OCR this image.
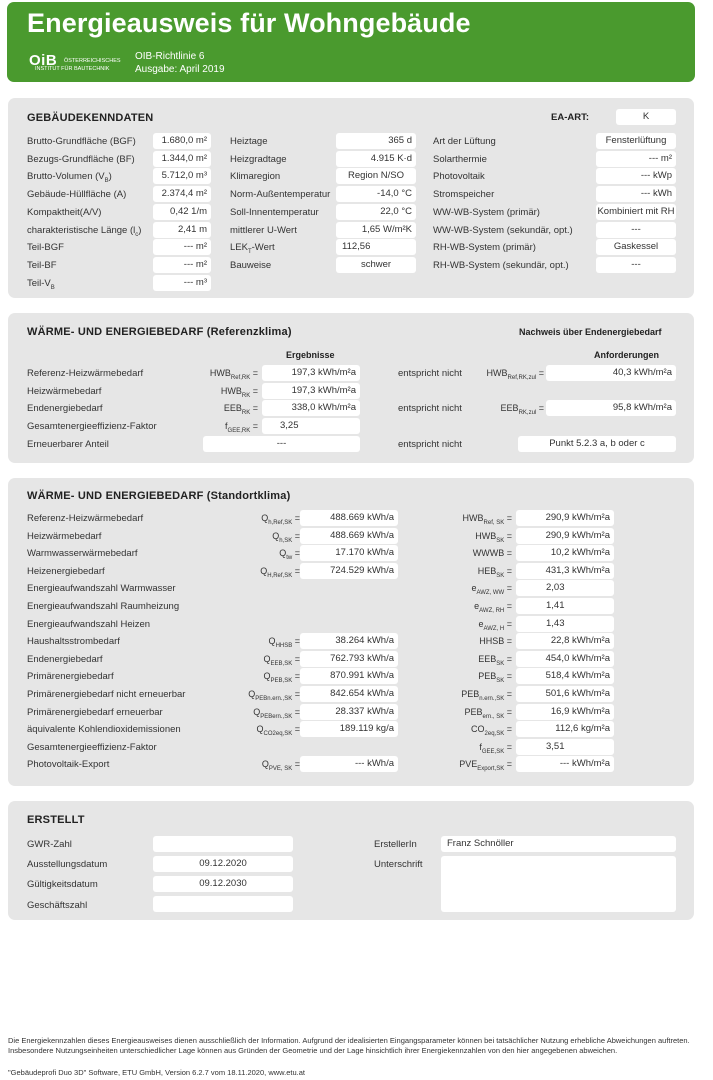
Energieausweis für Wohngebäude
OiB ÖSTERREICHISCHES
INSTITUT FÜR BAUTECHNIK
OIB-Richtlinie 6
Ausgabe: April 2019
GEBÄUDEKENNDATEN	EA-ART:	K
Brutto-Grundfläche (BGF)	1.680,0 m²
Bezugs-Grundfläche (BF)	1.344,0 m²
Brutto-Volumen $(V_B)$	5.712,0 m³
Gebäude-Hüllfläche (A)	2.374,4 m²
Kompaktheit(A/V)	0,42 1/m
charakteristische Länge $(l_c)$	2,41 m
Teil-BGF	--- m²
Teil-BF	--- m²
Teil-$V_B$	--- m³
Heiztage	365 d
Heizgradtage	4.915 K·d
Klimaregion	Region N/SO
Norm-Außentemperatur	-14,0 °C
Soll-Innentemperatur	22,0 °C
mittlerer U-Wert	1,65 W/m²K
$LEK_T$-Wert	112,56
Bauweise	schwer
Art der Lüftung	Fensterlüftung
Solarthermie	--- m²
Photovoltaik	--- kWp
Stromspeicher	--- kWh
WW-WB-System (primär)	Kombiniert mit RH
WW-WB-System (sekundär, opt.)	---
RH-WB-System (primär)	Gaskessel
RH-WB-System (sekundär, opt.)	---
WÄRME- UND ENERGIEBEDARF (Referenzklima)	Nachweis über Endenergiebedarf
Ergebnisse	Anforderungen
Referenz-Heizwärmebedarf	$HWB_{Ref,RK}$ =	197,3 kWh/m²a	entspricht nicht	$HWB_{Ref,RK,zul}$ =	40,3 kWh/m²a
Heizwärmebedarf	$HWB_{RK}$ =	197,3 kWh/m²a
Endenergiebedarf	$EEB_{RK}$ =	338,0 kWh/m²a	entspricht nicht	$EEB_{RK,zul}$ =	95,8 kWh/m²a
Gesamtenergieeffizienz-Faktor	$f_{GEE,RK}$ =	3,25
Erneuerbarer Anteil	---	entspricht nicht	Punkt 5.2.3 a, b oder c
WÄRME- UND ENERGIEBEDARF (Standortklima)
Referenz-Heizwärmebedarf	$Q_{h,Ref,SK}$ =	488.669 kWh/a	$HWB_{Ref, SK}$ =	290,9 kWh/m²a
Heizwärmebedarf	$Q_{h,SK}$ =	488.669 kWh/a	$HWB_{SK}$ =	290,9 kWh/m²a
Warmwasserwärmebedarf	$Q_{tw}$ =	17.170 kWh/a	WWWB =	10,2 kWh/m²a
Heizenergiebedarf	$Q_{H,Ref,SK}$ =	724.529 kWh/a	$HEB_{SK}$ =	431,3 kWh/m²a
Energieaufwandszahl Warmwasser	$e_{AWZ, WW}$ =	2,03
Energieaufwandszahl Raumheizung	$e_{AWZ, RH}$ =	1,41
Energieaufwandszahl Heizen	$e_{AWZ, H}$ =	1,43
Haushaltsstrombedarf	$Q_{HHSB}$ =	38.264 kWh/a	HHSB =	22,8 kWh/m²a
Endenergiebedarf	$Q_{EEB,SK}$ =	762.793 kWh/a	$EEB_{SK}$ =	454,0 kWh/m²a
Primärenergiebedarf	$Q_{PEB,SK}$ =	870.991 kWh/a	$PEB_{SK}$ =	518,4 kWh/m²a
Primärenergiebedarf nicht erneuerbar	$Q_{PEBn.ern.,SK}$ =	842.654 kWh/a	$PEB_{n.ern.,SK}$ =	501,6 kWh/m²a
Primärenergiebedarf erneuerbar	$Q_{PEBern.,SK}$ =	28.337 kWh/a	$PEB_{ern., SK}$ =	16,9 kWh/m²a
äquivalente Kohlendioxidemissionen	$Q_{CO2eq,SK}$ =	189.119 kg/a	$CO_{2eq,SK}$ =	112,6 kg/m²a
Gesamtenergieeffizienz-Faktor	$f_{GEE,SK}$ =	3,51
Photovoltaik-Export	$Q_{PVE, SK}$ =	--- kWh/a	$PVE_{Export,SK}$ =	--- kWh/m²a
ERSTELLT
GWR-Zahl
Ausstellungsdatum	09.12.2020
Gültigkeitsdatum	09.12.2030
Geschäftszahl
ErstellerIn	Franz Schnöller
Unterschrift
Die Energiekennzahlen dieses Energieausweises dienen ausschließlich der Information. Aufgrund der idealisierten Eingangsparameter können bei tatsächlicher Nutzung erhebliche Abweichungen auftreten.
Insbesondere Nutzungseinheiten unterschiedlicher Lage können aus Gründen der Geometrie und der Lage hinsichtlich ihrer Energiekennzahlen von den hier angegebenen abweichen.
"Gebäudeprofi Duo 3D" Software, ETU GmbH, Version 6.2.7 vom 18.11.2020, www.etu.at
